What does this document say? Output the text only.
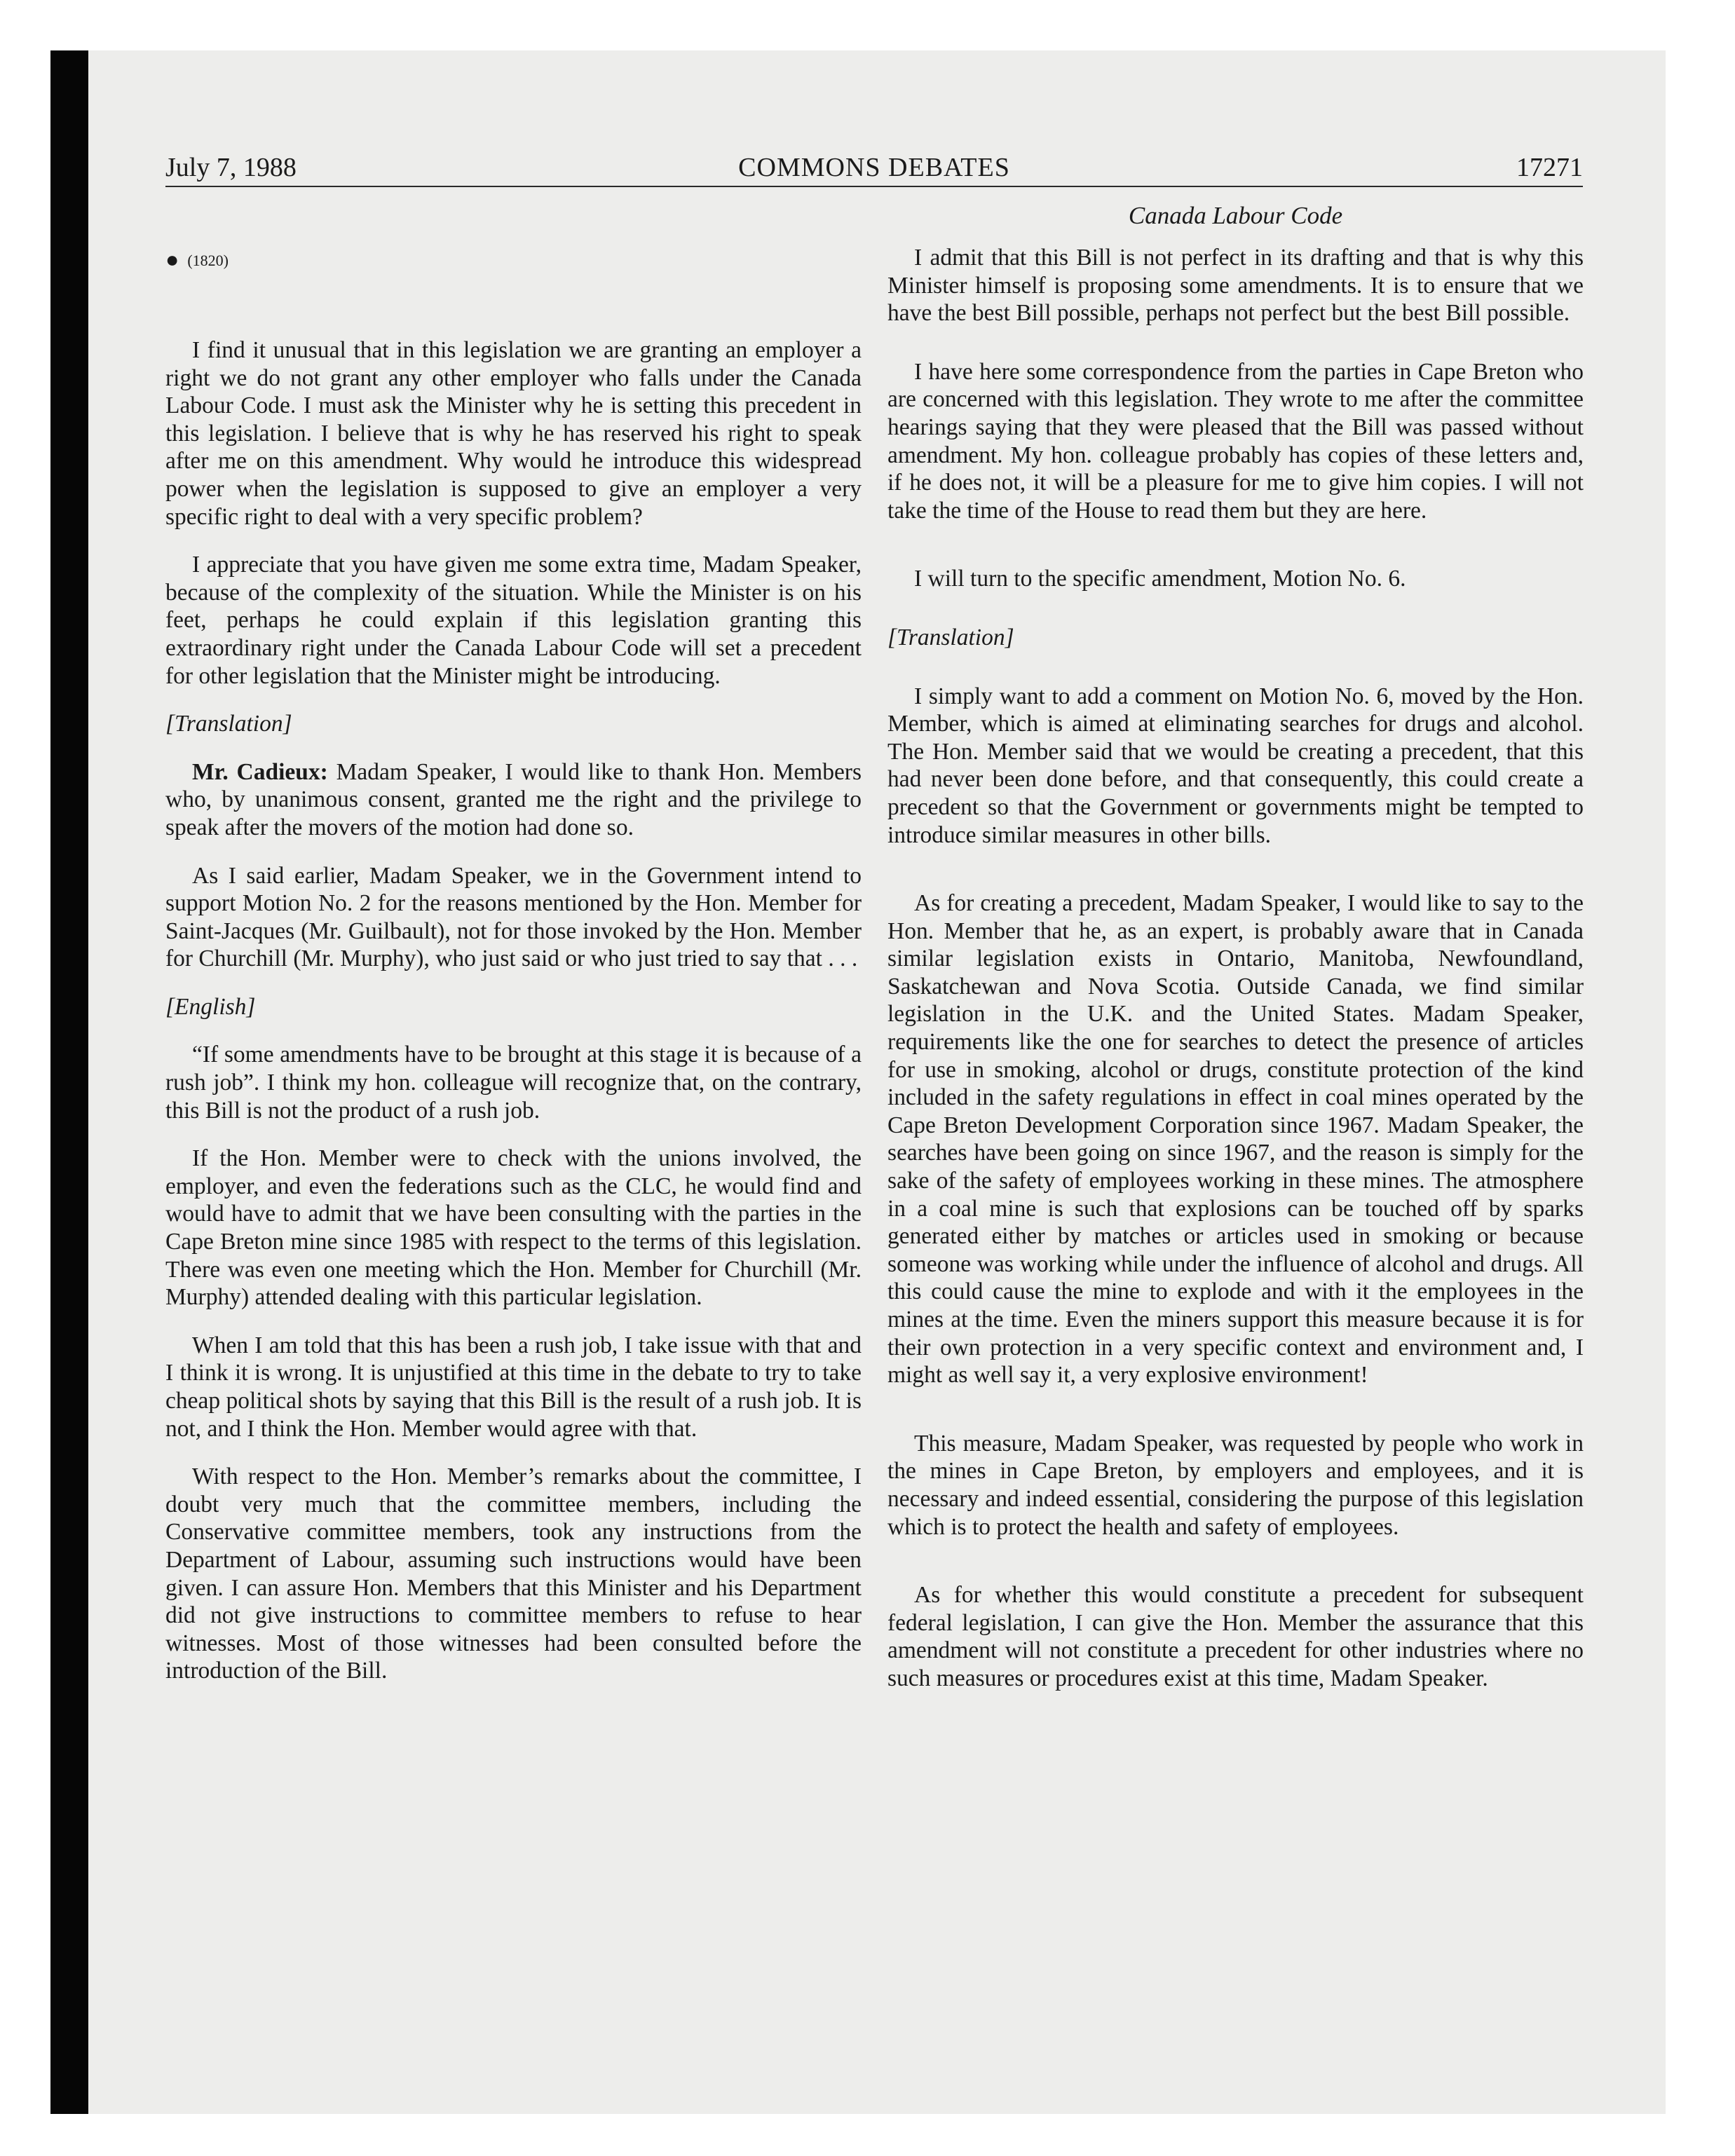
July 7, 1988	COMMONS DEBATES	17271
● (1820)

I find it unusual that in this legislation we are granting an employer a right we do not grant any other employer who falls under the Canada Labour Code. I must ask the Minister why he is setting this precedent in this legislation. I believe that is why he has reserved his right to speak after me on this amendment. Why would he introduce this widespread power when the legislation is supposed to give an employer a very specific right to deal with a very specific problem?

I appreciate that you have given me some extra time, Madam Speaker, because of the complexity of the situation. While the Minister is on his feet, perhaps he could explain if this legislation granting this extraordinary right under the Canada Labour Code will set a precedent for other legislation that the Minister might be introducing.

[Translation]

Mr. Cadieux: Madam Speaker, I would like to thank Hon. Members who, by unanimous consent, granted me the right and the privilege to speak after the movers of the motion had done so.

As I said earlier, Madam Speaker, we in the Government intend to support Motion No. 2 for the reasons mentioned by the Hon. Member for Saint-Jacques (Mr. Guilbault), not for those invoked by the Hon. Member for Churchill (Mr. Murphy), who just said or who just tried to say that . . .

[English]

“If some amendments have to be brought at this stage it is because of a rush job”. I think my hon. colleague will recognize that, on the contrary, this Bill is not the product of a rush job.

If the Hon. Member were to check with the unions involved, the employer, and even the federations such as the CLC, he would find and would have to admit that we have been consulting with the parties in the Cape Breton mine since 1985 with respect to the terms of this legislation. There was even one meeting which the Hon. Member for Churchill (Mr. Murphy) attended dealing with this particular legislation.

When I am told that this has been a rush job, I take issue with that and I think it is wrong. It is unjustified at this time in the debate to try to take cheap political shots by saying that this Bill is the result of a rush job. It is not, and I think the Hon. Member would agree with that.

With respect to the Hon. Member’s remarks about the committee, I doubt very much that the committee members, including the Conservative committee members, took any instructions from the Department of Labour, assuming such instructions would have been given. I can assure Hon. Members that this Minister and his Department did not give instructions to committee members to refuse to hear witnesses. Most of those witnesses had been consulted before the introduction of the Bill.

Canada Labour Code

I admit that this Bill is not perfect in its drafting and that is why this Minister himself is proposing some amendments. It is to ensure that we have the best Bill possible, perhaps not perfect but the best Bill possible.

I have here some correspondence from the parties in Cape Breton who are concerned with this legislation. They wrote to me after the committee hearings saying that they were pleased that the Bill was passed without amendment. My hon. colleague probably has copies of these letters and, if he does not, it will be a pleasure for me to give him copies. I will not take the time of the House to read them but they are here.

I will turn to the specific amendment, Motion No. 6.

[Translation]

I simply want to add a comment on Motion No. 6, moved by the Hon. Member, which is aimed at eliminating searches for drugs and alcohol. The Hon. Member said that we would be creating a precedent, that this had never been done before, and that consequently, this could create a precedent so that the Government or governments might be tempted to introduce similar measures in other bills.

As for creating a precedent, Madam Speaker, I would like to say to the Hon. Member that he, as an expert, is probably aware that in Canada similar legislation exists in Ontario, Manitoba, Newfoundland, Saskatchewan and Nova Scotia. Outside Canada, we find similar legislation in the U.K. and the United States. Madam Speaker, requirements like the one for searches to detect the presence of articles for use in smoking, alcohol or drugs, constitute protection of the kind included in the safety regulations in effect in coal mines operated by the Cape Breton Development Corporation since 1967. Madam Speaker, the searches have been going on since 1967, and the reason is simply for the sake of the safety of employees working in these mines. The atmosphere in a coal mine is such that explosions can be touched off by sparks generated either by matches or articles used in smoking or because someone was working while under the influence of alcohol and drugs. All this could cause the mine to explode and with it the employees in the mines at the time. Even the miners support this measure because it is for their own protection in a very specific context and environment and, I might as well say it, a very explosive environment!

This measure, Madam Speaker, was requested by people who work in the mines in Cape Breton, by employers and employees, and it is necessary and indeed essential, considering the purpose of this legislation which is to protect the health and safety of employees.

As for whether this would constitute a precedent for subsequent federal legislation, I can give the Hon. Member the assurance that this amendment will not constitute a precedent for other industries where no such measures or procedures exist at this time, Madam Speaker.
